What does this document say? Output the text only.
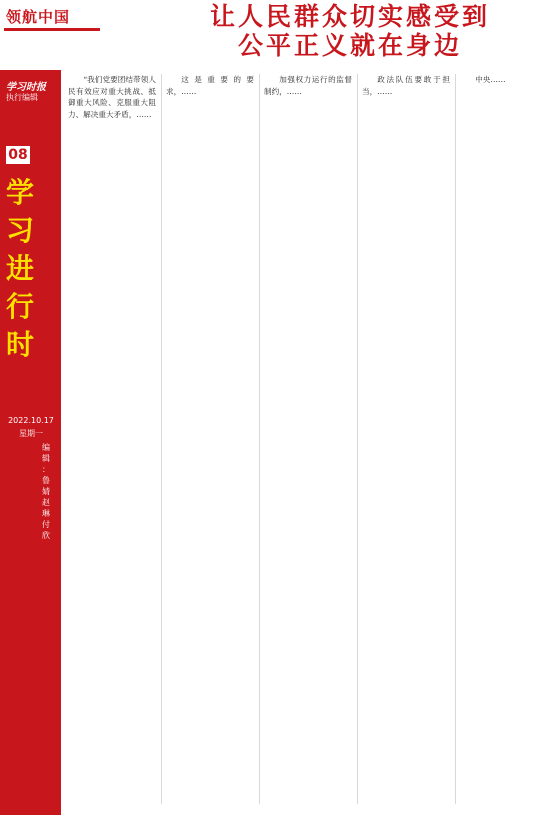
领航中国	让人民群众切实感受到
公平正义就在身边
学习时报
执行编辑
08
学
习
进
行
时
2022.10.17
星期一
编
辑
：
鲁
婧
赵
琳
付
欣

“我们党要团结带领人民有效应对重大挑战、抵御重大风险、克服重大阻力、解决重大矛盾，……

这是重要的要求，……

加强权力运行的监督制约，……

政法队伍要敢于担当，……

中央……
